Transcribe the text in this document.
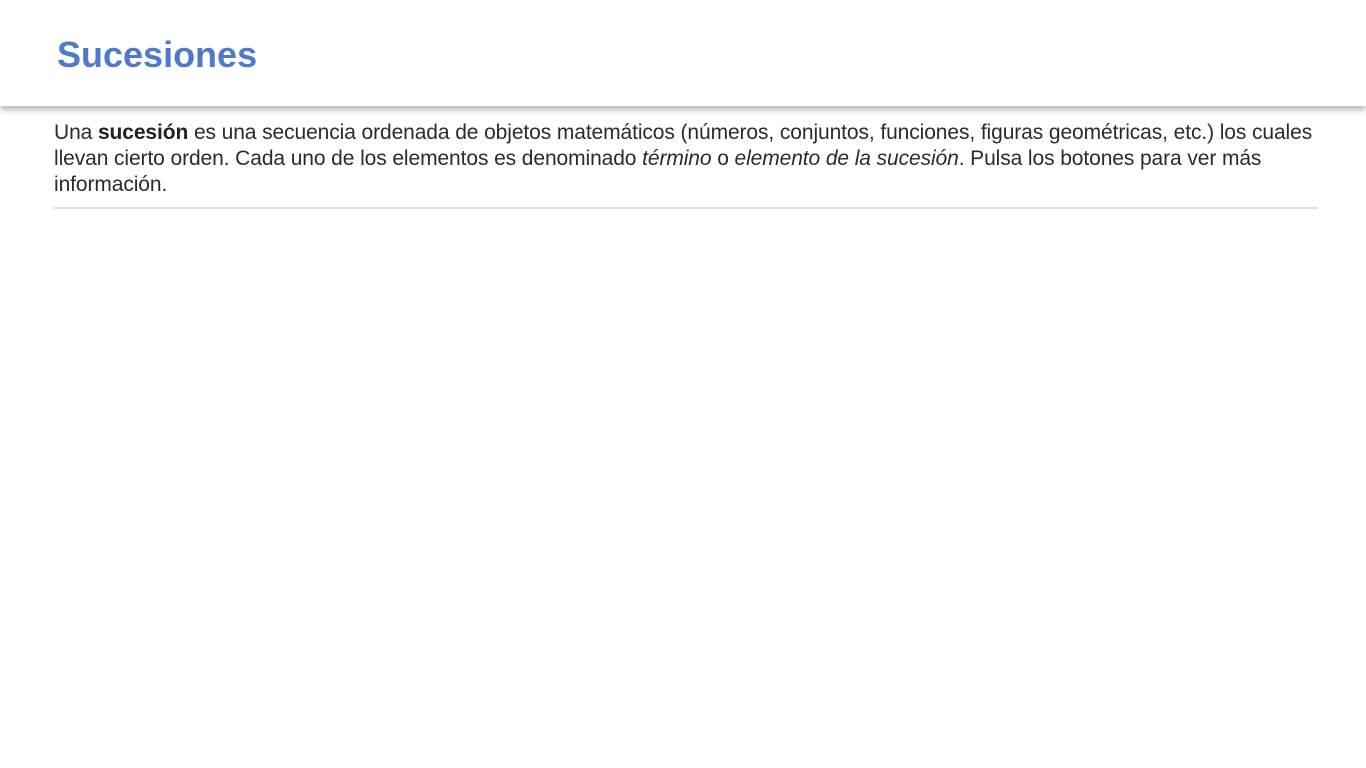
Sucesiones

Una sucesión es una secuencia ordenada de objetos matemáticos (números, conjuntos, funciones, figuras geométricas, etc.) los cuales llevan cierto orden. Cada uno de los elementos es denominado término o elemento de la sucesión. Pulsa los botones para ver más información.
